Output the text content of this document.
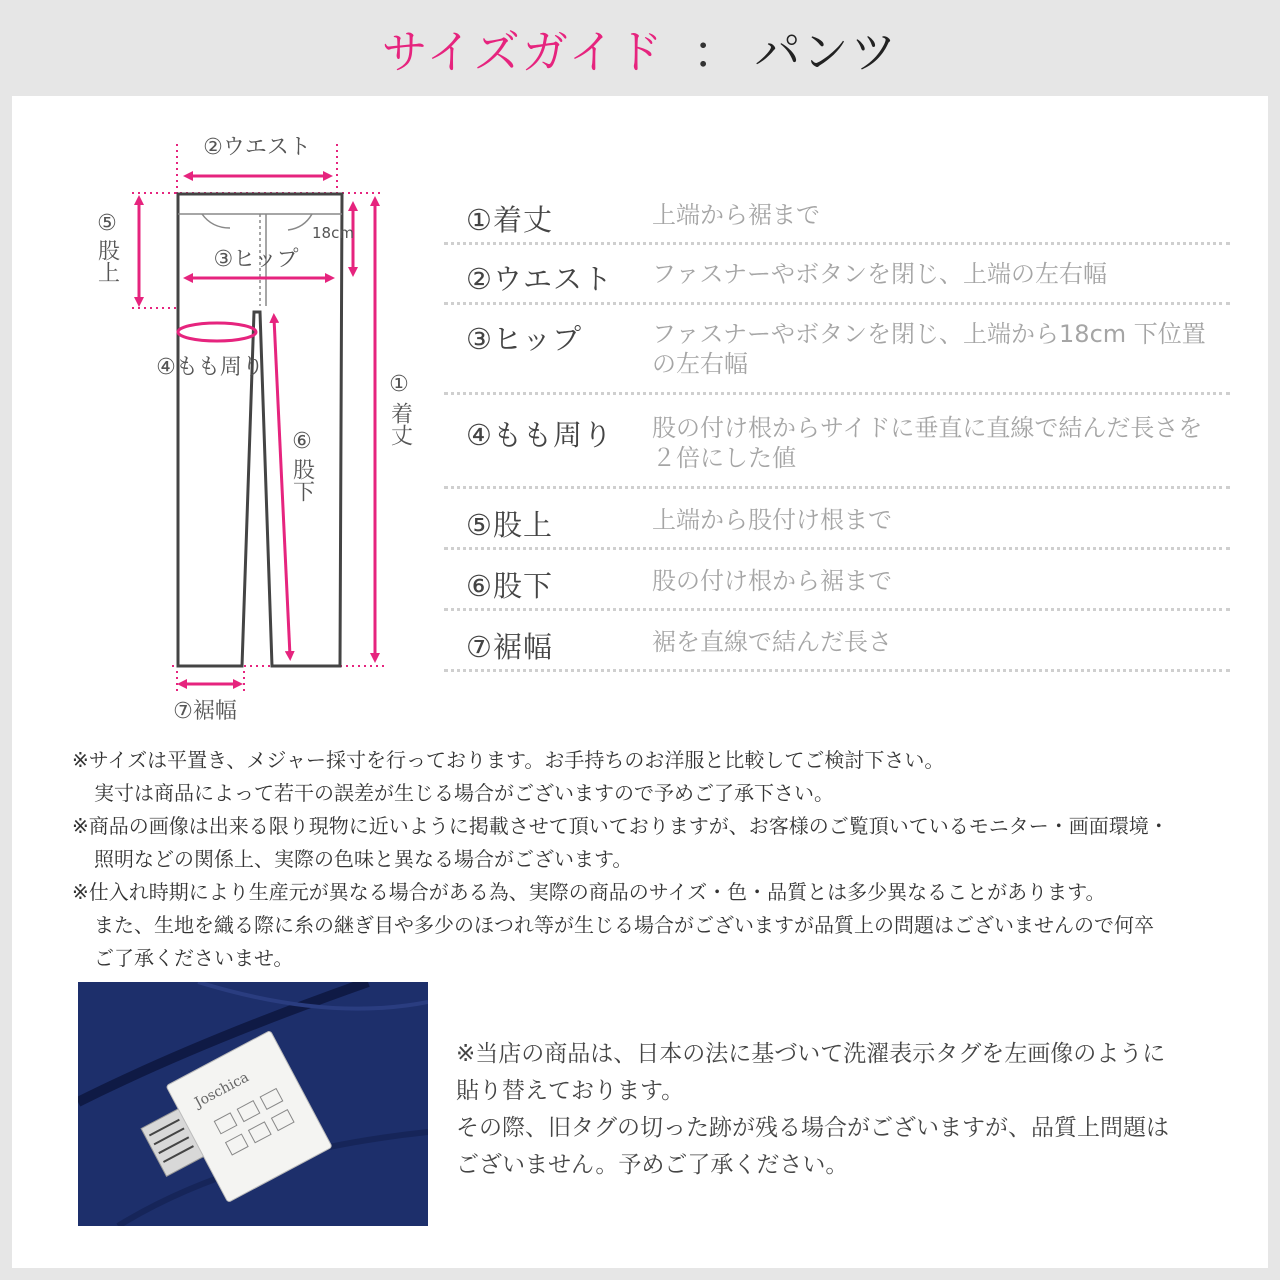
サイズガイド ： パンツ
②ウエスト
③ヒップ
④もも周り
⑦裾幅
18cm
⑤
股上
①
着丈
⑥
股下
①着丈	上端から裾まで
②ウエスト ファスナーやボタンを閉じ、上端の左右幅
③ヒップ	ファスナーやボタンを閉じ、上端から18cm 下位置の左右幅
④もも周り 股の付け根からサイドに垂直に直線で結んだ長さを ２倍にした値
⑤股上	上端から股付け根まで
⑥股下	股の付け根から裾まで
⑦裾幅	裾を直線で結んだ長さ

※サイズは平置き、メジャー採寸を行っております。お手持ちのお洋服と比較してご検討下さい。

実寸は商品によって若干の誤差が生じる場合がございますので予めご了承下さい。

※商品の画像は出来る限り現物に近いように掲載させて頂いておりますが、お客様のご覧頂いているモニター・画面環境・

照明などの関係上、実際の色味と異なる場合がございます。

※仕入れ時期により生産元が異なる場合がある為、実際の商品のサイズ・色・品質とは多少異なることがあります。

また、生地を織る際に糸の継ぎ目や多少のほつれ等が生じる場合がございますが品質上の問題はございませんので何卒

ご了承くださいませ。

Joschica

※当店の商品は、日本の法に基づいて洗濯表示タグを左画像のように

貼り替えております。

その際、旧タグの切った跡が残る場合がございますが、品質上問題は

ございません。予めご了承ください。
